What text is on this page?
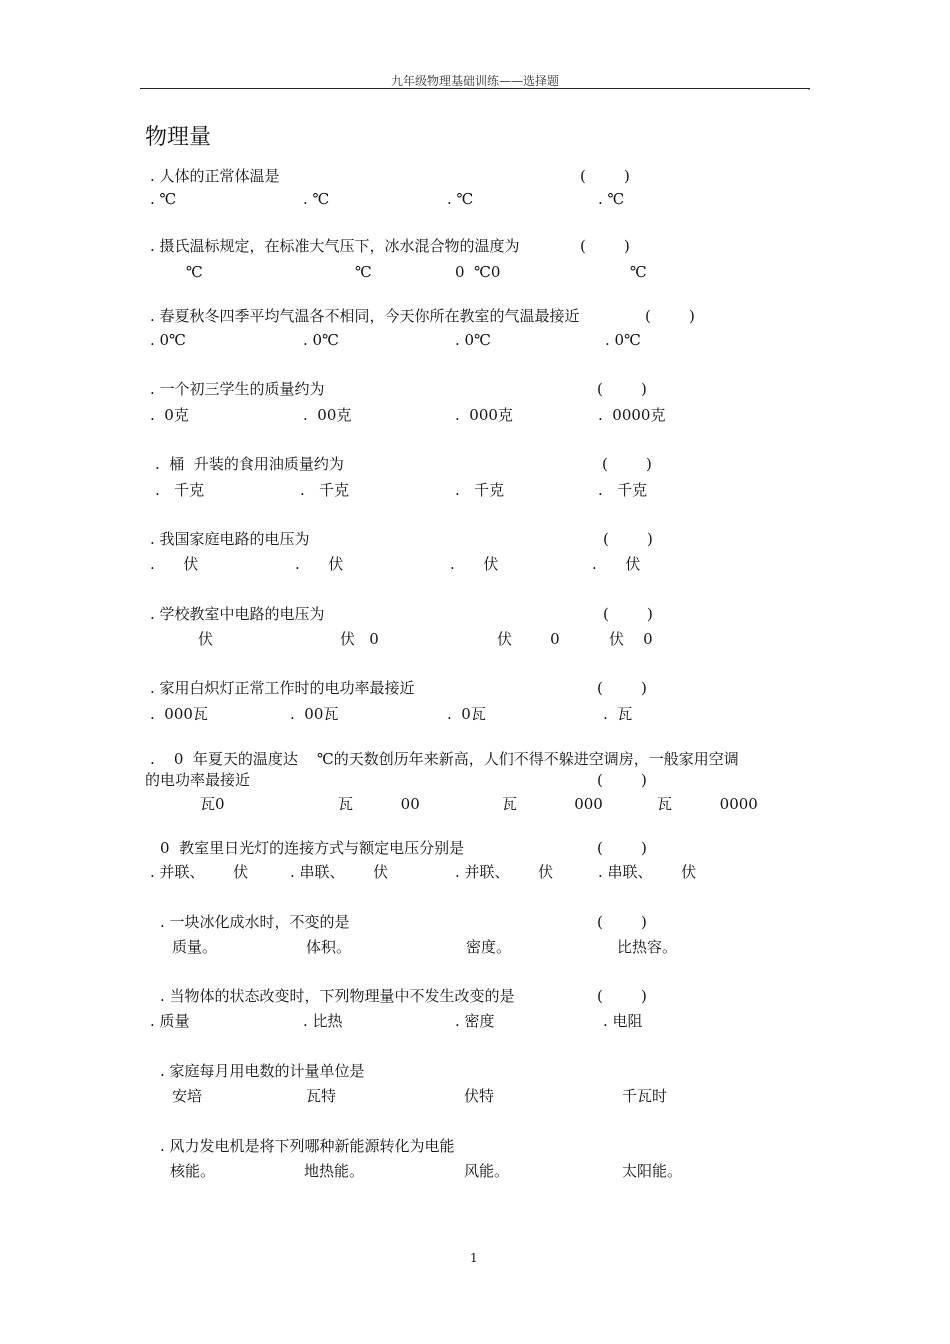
九年级物理基础训练——选择题	,
物理量
. 人体的正常体温是	(        )
. ℃	. ℃	. ℃	. ℃
. 摄氏温标规定，在标准大气压下，冰水混合物的温度为	(        )
℃	℃	0  ℃0	℃
. 春夏秋冬四季平均气温各不相同，今天你所在教室的气温最接近	(        )
. 0℃	. 0℃	. 0℃	. 0℃
. 一个初三学生的质量约为	(        )
.  0克	.  00克	.  000克	.  0000克
.  桶  升装的食用油质量约为	(        )
.   千克	.   千克	.   千克	.   千克
. 我国家庭电路的电压为	(        )
.      伏	.      伏	.      伏	.      伏
. 学校教室中电路的电压为	(        )
伏	伏   0	伏        0	伏    0
. 家用白炽灯正常工作时的电功率最接近	(        )
.  000瓦	.  00瓦	.  0瓦	.  瓦
.    0  年夏天的温度达    ℃的天数创历年来新高，人们不得不躲进空调房，一般家用空调
的电功率最接近	(        )
瓦0	瓦          00	瓦            000	瓦          0000
0  教室里日光灯的连接方式与额定电压分别是	(        )
. 并联、      伏	. 串联、      伏	. 并联、      伏	. 串联、      伏
. 一块冰化成水时，不变的是	(        )
质量。	体积。	密度。	比热容。
. 当物体的状态改变时，下列物理量中不发生改变的是	(        )
. 质量	. 比热	. 密度	. 电阻
. 家庭每月用电数的计量单位是
安培	瓦特	伏特	千瓦时
. 风力发电机是将下列哪种新能源转化为电能
核能。	地热能。	风能。	太阳能。
1
